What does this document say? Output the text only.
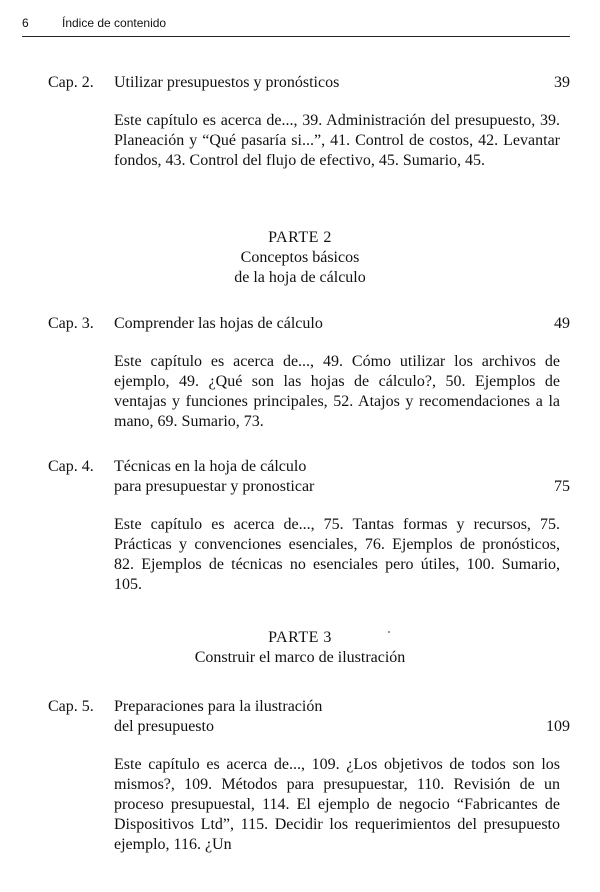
6	Índice de contenido
Cap. 2. Utilizar presupuestos y pronósticos	39
Este capítulo es acerca de..., 39. Administración del presupuesto, 39. Planeación y “Qué pasaría si...”, 41. Control de costos, 42. Levantar fondos, 43. Control del flujo de efectivo, 45. Sumario, 45.
PARTE 2
Conceptos básicos
de la hoja de cálculo
Cap. 3. Comprender las hojas de cálculo	49
Este capítulo es acerca de..., 49. Cómo utilizar los archivos de ejemplo, 49. ¿Qué son las hojas de cálculo?, 50. Ejemplos de ventajas y funciones principales, 52. Atajos y recomendaciones a la mano, 69. Sumario, 73.
Cap. 4. Técnicas en la hoja de cálculo
para presupuestar y pronosticar	75
Este capítulo es acerca de..., 75. Tantas formas y recursos, 75. Prácticas y convenciones esenciales, 76. Ejemplos de pronósticos, 82. Ejemplos de técnicas no esenciales pero útiles, 100. Sumario, 105.
PARTE 3
Construir el marco de ilustración
Cap. 5. Preparaciones para la ilustración
del presupuesto	109
Este capítulo es acerca de..., 109. ¿Los objetivos de todos son los mismos?, 109. Métodos para presupuestar, 110. Revisión de un proceso presupuestal, 114. El ejemplo de negocio “Fabricantes de Dispositivos Ltd”, 115. Decidir los requerimientos del presupuesto ejemplo, 116. ¿Un
